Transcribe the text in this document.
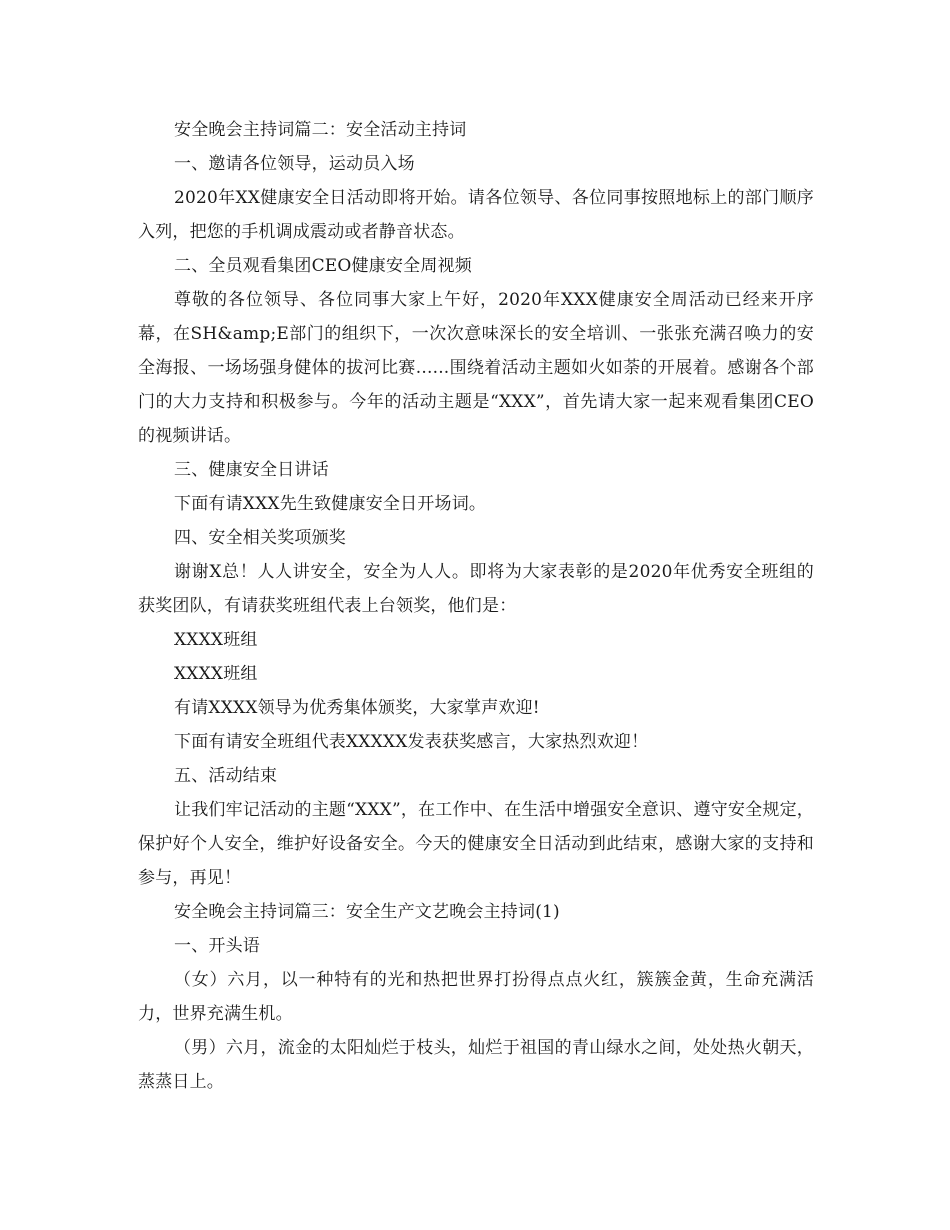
安全晚会主持词篇二：安全活动主持词

一、邀请各位领导，运动员入场

2020年XX健康安全日活动即将开始。请各位领导、各位同事按照地标上的部门顺序入列，把您的手机调成震动或者静音状态。

二、全员观看集团CEO健康安全周视频

尊敬的各位领导、各位同事大家上午好，2020年XXX健康安全周活动已经来开序幕，在SH&amp;E部门的组织下，一次次意味深长的安全培训、一张张充满召唤力的安全海报、一场场强身健体的拔河比赛......围绕着活动主题如火如荼的开展着。感谢各个部门的大力支持和积极参与。今年的活动主题是“XXX”，首先请大家一起来观看集团CEO的视频讲话。

三、健康安全日讲话

下面有请XXX先生致健康安全日开场词。

四、安全相关奖项颁奖

谢谢X总！人人讲安全，安全为人人。即将为大家表彰的是2020年优秀安全班组的获奖团队，有请获奖班组代表上台领奖，他们是：

XXXX班组

XXXX班组

有请XXXX领导为优秀集体颁奖，大家掌声欢迎!

下面有请安全班组代表XXXXX发表获奖感言，大家热烈欢迎！

五、活动结束

让我们牢记活动的主题“XXX”，在工作中、在生活中增强安全意识、遵守安全规定，保护好个人安全，维护好设备安全。今天的健康安全日活动到此结束，感谢大家的支持和参与，再见！

安全晚会主持词篇三：安全生产文艺晚会主持词(1)

一、开头语

（女）六月，以一种特有的光和热把世界打扮得点点火红，簇簇金黄，生命充满活力，世界充满生机。

（男）六月，流金的太阳灿烂于枝头，灿烂于祖国的青山绿水之间，处处热火朝天，蒸蒸日上。
